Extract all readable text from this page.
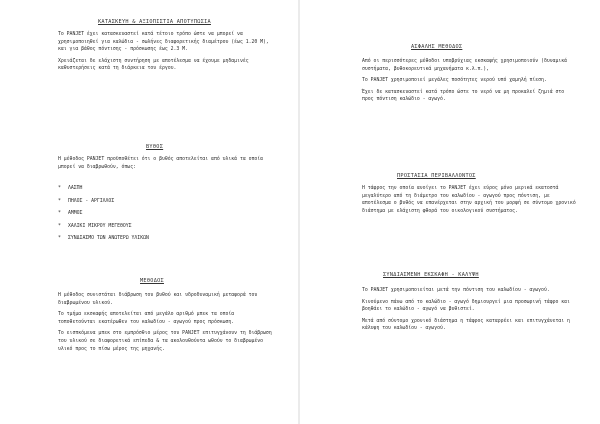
ΚΑΤΑΣΚΕΥΗ & ΑΞΙΟΠΙΣΤΙΑ ΑΠΟΤΥΠΩΣΙΑ

Το PANJET έχει κατασκευαστεί κατά τέτοιο τρόπο ώστε να μπορεί να χρησιμοποιηθεί για καλώδια - σωλήνες διαφορετικής διαμέτρου (έως 1.20 M), και για βάθος πόντισης - πρόσκωσης έως 2.3 M.

Χρειάζεται δε ελάχιστη συντήρηση με αποτέλεσμα να έχουμε μηδαμινές καθυστερήσεις κατά τη διάρκεια του έργου.

ΒΥΘΟΣ

Η μέθοδος PANJET προϋποθέτει ότι ο βυθός αποτελείται από υλικά τα οποία μπορεί να διαβρωθούν, όπως:

* ΛΑΣΠΗ
* ΠΗΛΟΣ - ΑΡΓΙΛΛΟΣ
* ΑΜΜΟΣ
* ΧΑΛΙΚΙ ΜΙΚΡΟΥ ΜΕΓΕΘΟΥΣ
* ΣΥΝΔΙΑΣΜΟ ΤΩΝ ΑΝΩΤΕΡΩ ΥΛΙΚΩΝ
ΜΕΘΟΔΟΣ

Η μέθοδος συνιστάται διάβρωση του βυθού και υδροδυναμική μεταφορά του διαβρωμένου υλικού.

Το τμήμα εκσκαφής αποτελείται από μεγάλο αριθμό μπεκ τα οποία τοποθετούνται εκατέρωθεν του καλωδίου - αγωγού προς πρόσκωση.

Το εισπκόμενα μπεκ στο εμπρόσθιο μέρος του PANJET επιτυγχάνουν τη διάβρωση του υλικού σε διαφορετικά επίπεδα & τα ακολουθούντα ωθούν το διαβρωμένο υλικό προς το πίσω μέρος της μηχανής.

ΑΣΦΑΛΗΣ ΜΕΘΟΔΟΣ

Από οι περισσότερες μέθοδοι υποβρύχιας εκσκαφής χρησιμοποιούν (δυναμικά συστήματα, βυθοκορευτικά μηχανήματα κ.λ.π.),

Το PANJET χρησιμοποιεί μεγάλες ποσότητες νερού υπό χαμηλή πίεση.

Έχει δε κατασκευαστεί κατά τρόπο ώστε το νερό να μη προκαλεί ζημιά στο προς πόντιση καλώδιο - αγωγό.

ΠΡΟΣΤΑΣΙΑ ΠΕΡΙΒΑΛΛΟΝΤΟΣ

Η τάφρος την οποία ανοίγει το PANJET έχει εύρος μόνο μερικά εκατοστά μεγαλύτερο από τη διάμετρο του καλωδίου - αγωγού προς πόντιση, με αποτέλεσμα ο βυθός να επανέρχεται στην αρχική του μορφή σε σύντομο χρονικό διάστημα με ελάχιστη φθορά του οικολογικού συστήματος.

ΣΥΝΔΙΑΣΜΕΝΗ ΕΚΣΚΑΦΗ - ΚΑΛΥΨΗ

Το PANJET χρησιμοποιείται μετά την πόντιση του καλωδίου - αγωγού.

Κινούμενο πάνω από το καλώδιο - αγωγό δημιουργεί μια προσωρινή τάφρο και βοηθάει το καλώδιο - αγωγό να βυθιστεί.

Μετά από σύντομο χρονικό διάστημα η τάφρος καταρρέει και επιτυγχάνεται η κάλυψη του καλωδίου - αγωγού.
